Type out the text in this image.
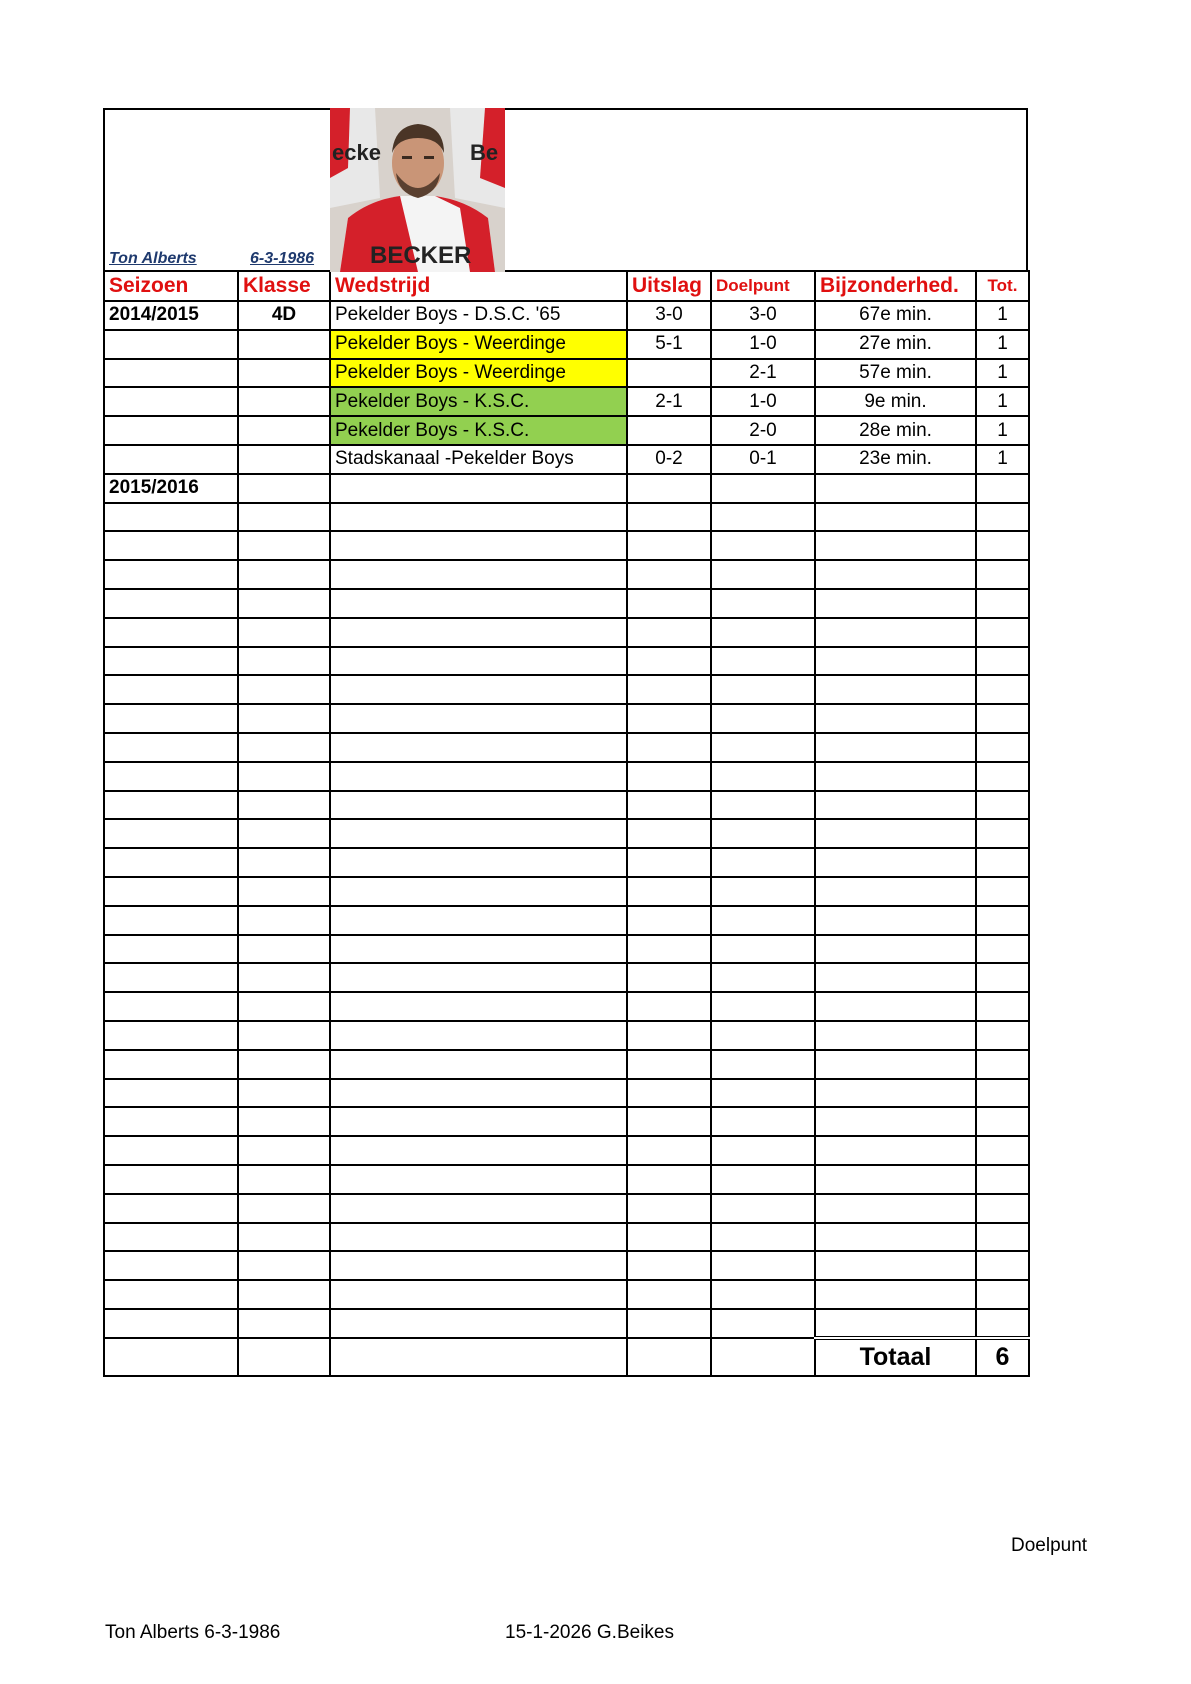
Ton Alberts	6-3-1986
ecke	Be
BECKER
Seizoen	Klasse	Wedstrijd	Uitslag	Doelpunt	Bijzonderhed.	Tot.
2014/2015	4D	Pekelder Boys - D.S.C. '65	3-0	3-0	67e min.	1
		Pekelder Boys - Weerdinge	5-1	1-0	27e min.	1
		Pekelder Boys - Weerdinge		2-1	57e min.	1
		Pekelder Boys - K.S.C.	2-1	1-0	9e min.	1
		Pekelder Boys - K.S.C.		2-0	28e min.	1
		Stadskanaal -Pekelder Boys	0-2	0-1	23e min.	1
2015/2016						

					Totaal	6
Doelpunt
Ton Alberts 6-3-1986	15-1-2026 G.Beikes
